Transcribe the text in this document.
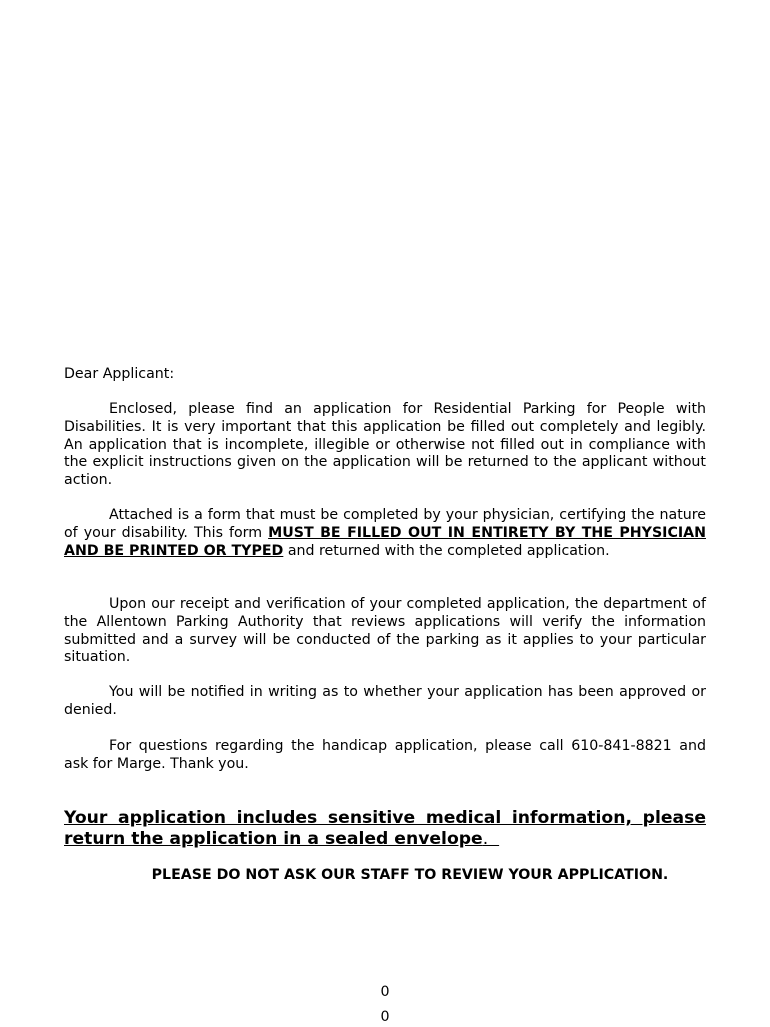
Dear Applicant:

Enclosed, please find an application for Residential Parking for People with Disabilities. It is very important that this application be filled out completely and legibly. An application that is incomplete, illegible or otherwise not filled out in compliance with the explicit instructions given on the application will be returned to the applicant without action.

Attached is a form that must be completed by your physician, certifying the nature of your disability. This form MUST BE FILLED OUT IN ENTIRETY BY THE PHYSICIAN AND BE PRINTED OR TYPED and returned with the completed application.

Upon our receipt and verification of your completed application, the department of the Allentown Parking Authority that reviews applications will verify the information submitted and a survey will be conducted of the parking as it applies to your particular situation.

You will be notified in writing as to whether your application has been approved or denied.

For questions regarding the handicap application, please call 610-841-8821 and ask for Marge. Thank you.

Your application includes sensitive medical information, please return the application in a sealed envelope.

PLEASE DO NOT ASK OUR STAFF TO REVIEW YOUR APPLICATION.

0

0
